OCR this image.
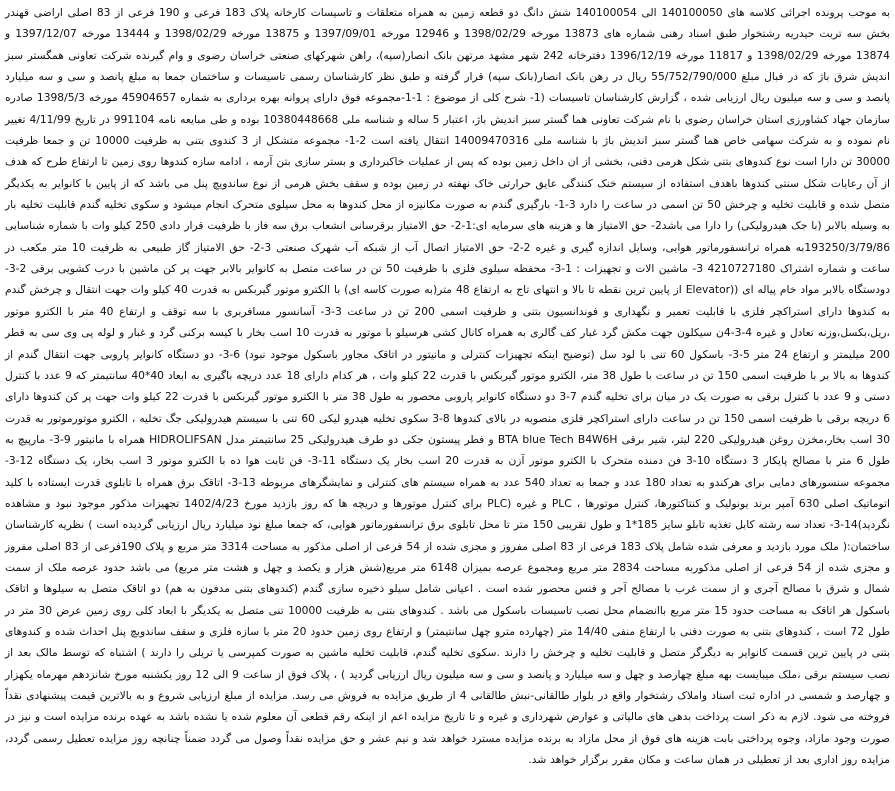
به موجب پرونده اجرائی کلاسه های 140100050 الی 140100054 شش دانگ دو قطعه زمین به همراه متعلقات و تاسیسات کارخانه پلاک 183 فرعی و 190 فرعی از 83 اصلی اراضی قهندر بخش سه تربت حیدریه رشتخوار طبق اسناد رهنی شماره های 13873 مورخه 1398/02/29 و 12946 مورخه 1397/09/01 و 13875 مورخه 1398/02/29 و 13444 مورخه 1397/12/07 و 13874 مورخه 1398/02/29 و 11817 مورخه 1396/12/19 دفترخانه 242 شهر مشهد مرتهن بانک انصار(سپه)، راهن شهرکهای صنعتی خراسان رضوی و وام گیرنده شرکت تعاونی همگستر سبز اندیش شرق باژ که در قبال مبلغ 55/752/790/000 ریال در رهن بانک انصار(بانک سپه) قرار گرفته و طبق نظر کارشناسان رسمی تاسیسات و ساختمان جمعا به مبلغ پانصد و سی و سه میلیارد پانصد و سی و سه میلیون ریال ارزیابی شده ، گزارش کارشناسان تاسیسات (1- شرح کلی از موضوع : 1-1-مجموعه فوق دارای پروانه بهره برداری به شماره 45904657 مورخه 1398/5/3 صادره سازمان جهاد کشاورزی استان خراسان رضوی با نام شرکت تعاونی هما گستر سبز اندیش باژ، اعتبار 5 ساله و شناسه ملی 10380448668 بوده و طی مبایعه نامه 991104 در تاریخ 4/11/99 تغییر نام نموده و به شرکت سهامی خاص هما گستر سبز اندیش باژ با شناسه ملی 14009470316 انتقال یافته است 2-1- مجموعه متشکل از 3 کندوی بتنی به ظرفیت 10000 تن و جمعا ظرفیت 30000 تن دارا است نوع کندوهای بتنی شکل هرمی دفنی، بخشی از ان داخل زمین بوده که پس از عملیات خاکبرداری و بستر سازی بتن آرمه ، ادامه سازه کندوها روی زمین تا ارتفاع طرح که هدف از آن رعایات شکل سنتی کندوها باهدف استفاده از سیستم خنک کنندگی عایق حرارتی خاک نهفته در زمین بوده و سقف بخش هرمی از نوع ساندویچ پنل می باشد که از پایین با کانوایر به یکدیگر متصل شده و قابلیت تخلیه و چرخش 50 تن اسمی در ساعت را دارد 3-1- بارگیری گندم به صورت مکانیزه از محل کندوها به محل سیلوی متحرک انجام میشود و سکوی تخلیه گندم قابلیت تخلیه بار به وسیله بالابر (با جک هیدرولیکی) را دارا می باشد2- حق الامتیاز ها و هزینه های سرمایه ای:1-2- حق الامتیاز برقرسانی انشعاب برق سه فاز با ظرفیت قرار دادی 250 کیلو وات با شماره شناسایی 193250/3/79/86به همراه ترانسفورماتور هوایی، وسایل اندازه گیری و غیره 2-2- حق الامتیاز اتصال آب از شبکه آب شهرک صنعتی 3-2- حق الامتیاز گاز طبیعی به ظرفیت 10 متر مکعب در ساعت و شماره اشتراک 4210727180 3- ماشین الات و تجهیزات : 1-3- محفظه سیلوی فلزی با ظرفیت 50 تن در ساعت متصل به کانوایر بالابر جهت پر کن ماشین با درب کشویی برقی 2-3- دودستگاه بالابر مواد خام پیاله ای ((Elevator از پایین ترین نقطه تا بالا و انتهای تاج به ارتفاع 48 متر(به صورت کاسه ای) با الکترو موتور گیربکس به قدرت 40 کیلو وات جهت انتقال و چرخش گندم به کندوها دارای استراکچر فلزی با قابلیت تعمیر و نگهداری و فوندانسیون بتنی و ظرفیت اسمی 200 تن در ساعت 3-3- آسانسور مسافربری با سه توقف و ارتفاع 40 متر با الکترو موتور ،ریل،بکسل،وزنه تعادل و غیره 4-3-4ن سیکلون جهت مکش گرد غبار کف گالری به همراه کانال کشی هرسیلو با موتور به قدرت 10 اسب بخار با کیسه برکنی گرد و غبار و لوله پی وی سی به قطر 200 میلیمتر و ارتفاع 24 متر 5-3- باسکول 60 تنی با لود سل (توضیح اینکه تجهیزات کنترلی و مانیتور در اتاقک مجاور باسکول موجود نبود) 6-3- دو دستگاه کانوایر پاروبی جهت انتقال گندم از کندوها به بالا بر با ظرفیت اسمی 150 تن در ساعت با طول 38 متر، الکترو موتور گیربکس با قدرت 22 کیلو وات ، هر کدام دارای 18 عدد دریچه باگیری به ابعاد 40*40 سانتیمتر که 9 عدد با کنترل دستی و 9 عدد با کنترل برقی به صورت یک در میان برای تخلیه گندم 7-3 دو دستگاه کانوایر پاروبی محصور به طول 38 متر با الکترو موتور گیربکس با قدرت 22 کیلو وات جهت پر کن کندوها دارای 6 دریچه برقی با ظرفیت اسمی 150 تن در ساعت دارای استراکچر فلزی منصوبه در بالای کندوها 8-3 سکوی تخلیه هیدرو لیکی 60 تنی با سیستم هیدرولیکی جگ تخلیه ، الکترو موتورموتور به قدرت 30 اسب بخار،مخزن روغن هیدرولیکی 220 لیتر، شیر برقی BTA blue Tech B4W6H و فطر پیستون جکی دو طرف هیدرولیکی 25 سانتیمتر مدل HIDROLIFSAN همراه با مانیتور 9-3- مارپیچ به طول 6 متر با مصالح پایکار 3 دستگاه 10-3 فن دمنده متحرک با الکترو موتور آزن به قدرت 20 اسب بخار یک دستگاه 11-3- فن ثابت هوا ده با الکترو موتور 3 اسب بخار، یک دستگاه 12-3- مجموعه سنسورهای دمایی برای هرکندو به تعداد 180 عدد و جمعا به تعداد 540 عدد به همراه سیستم های کنترلی و نمایشگرهای مربوطه 13-3- اتاقک برق همراه با تابلوی قدرت ایستاده با کلید اتوماتیک اصلی 630 آمپر برند یونولیک و کنتاکتورها، کنترل موتورها ، PLC و غیره (PLC برای کنترل موتورها و دریچه ها که روز بازدید مورخ 1402/4/23 تجهیزات مذکور موجود نبود و مشاهده نگردید)14-3- تعداد سه رشته کابل تغذیه تابلو سایز 185*1 و طول تقریبی 150 متر تا محل تابلوی برق ترانسفورماتور هوایی، که جمعا مبلغ نود میلیارد ریال ارزیابی گردیده است ) نظریه کارشناسان ساختمان:( ملک مورد بازدید و معرفی شده شامل پلاک 183 فرعی از 83 اصلی مفروز و مجزی شده از 54 فرعی از اصلی مذکور به مساحت 3314 متر مربع و پلاک 190فرعی از 83 اصلی مفروز و مجزی شده از 54 فرعی از اصلی مذکوربه مساحت 2834 متر مربع ومجموع عرصه بمیزان 6148 متر مربع(شش هزار و یکصد و چهل و هشت متر مربع) می باشد حدود عرصه ملک از سمت شمال و شرق با مصالح آجری و از سمت غرب با مصالح آجر و فنس محصور شده است . اعیانی شامل سیلو ذخیره سازی گندم (کندوهای بتنی مدفون به هم) دو اتاقک متصل به سیلوها و اتاقک باسکول هر اتاقک به مساحت حدود 15 متر مربع باانضمام محل نصب تاسیسات باسکول می باشد . کندوهای بتنی به ظرفیت 10000 تنی متصل به یکدیگر با ابعاد کلی روی زمین عرض 30 متر در طول 72 است ، کندوهای بتنی به صورت دفنی با ارتفاع منفی 14/40 متر (چهارده مترو چهل سانتیمتر) و ارتفاع روی زمین حدود 20 متر با سازه فلزی و سقف ساندویچ پنل احداث شده و کندوهای بتنی در پایین ترین قسمت کانوایر به دیگرگر متصل و قابلیت تخلیه و چرخش را دارند .سکوی تخلیه گندم، قابلیت تخلیه ماشین به صورت کمپرسی یا تریلی را دارند ) اشتباه که توسط مالک بعد از نصب سیستم برقی ،ملک میبایست بهه مبلغ چهارصد و چهل و سه میلیارد و پانصد و سی و سه میلیون ریال ارزیابی گردید ) ، پلاک فوق از ساعت 9 الی 12 روز یکشنبه مورخ شانزدهم مهرماه یکهزار و چهارصد و شمسی در اداره ثبت اسناد واملاک رشتخوار واقع در بلوار طالقانی-نبش طالقانی 4 از طریق مزایده به فروش می رسد. مزایده از مبلغ ارزیابی شروع و به بالاترین قیمت پیشنهادی نقداً فروخته می شود. لازم به ذکر است پرداخت بدهی های مالیاتی و عوارض شهرداری و غیره و تا تاریخ مزایده اعم از اینکه رقم قطعی آن معلوم شده یا نشده باشد به عهده برنده مزایده است و نیز در صورت وجود مازاد، وجوه پرداختی بابت هزینه های فوق از محل مازاد به برنده مزایده مسترد خواهد شد و نیم عشر و حق مزایده نقداً وصول می گردد ضمناً چنانچه روز مزایده تعطیل رسمی گردد، مزایده روز اداری بعد از تعطیلی در همان ساعت و مکان مقرر برگزار خواهد شد.
